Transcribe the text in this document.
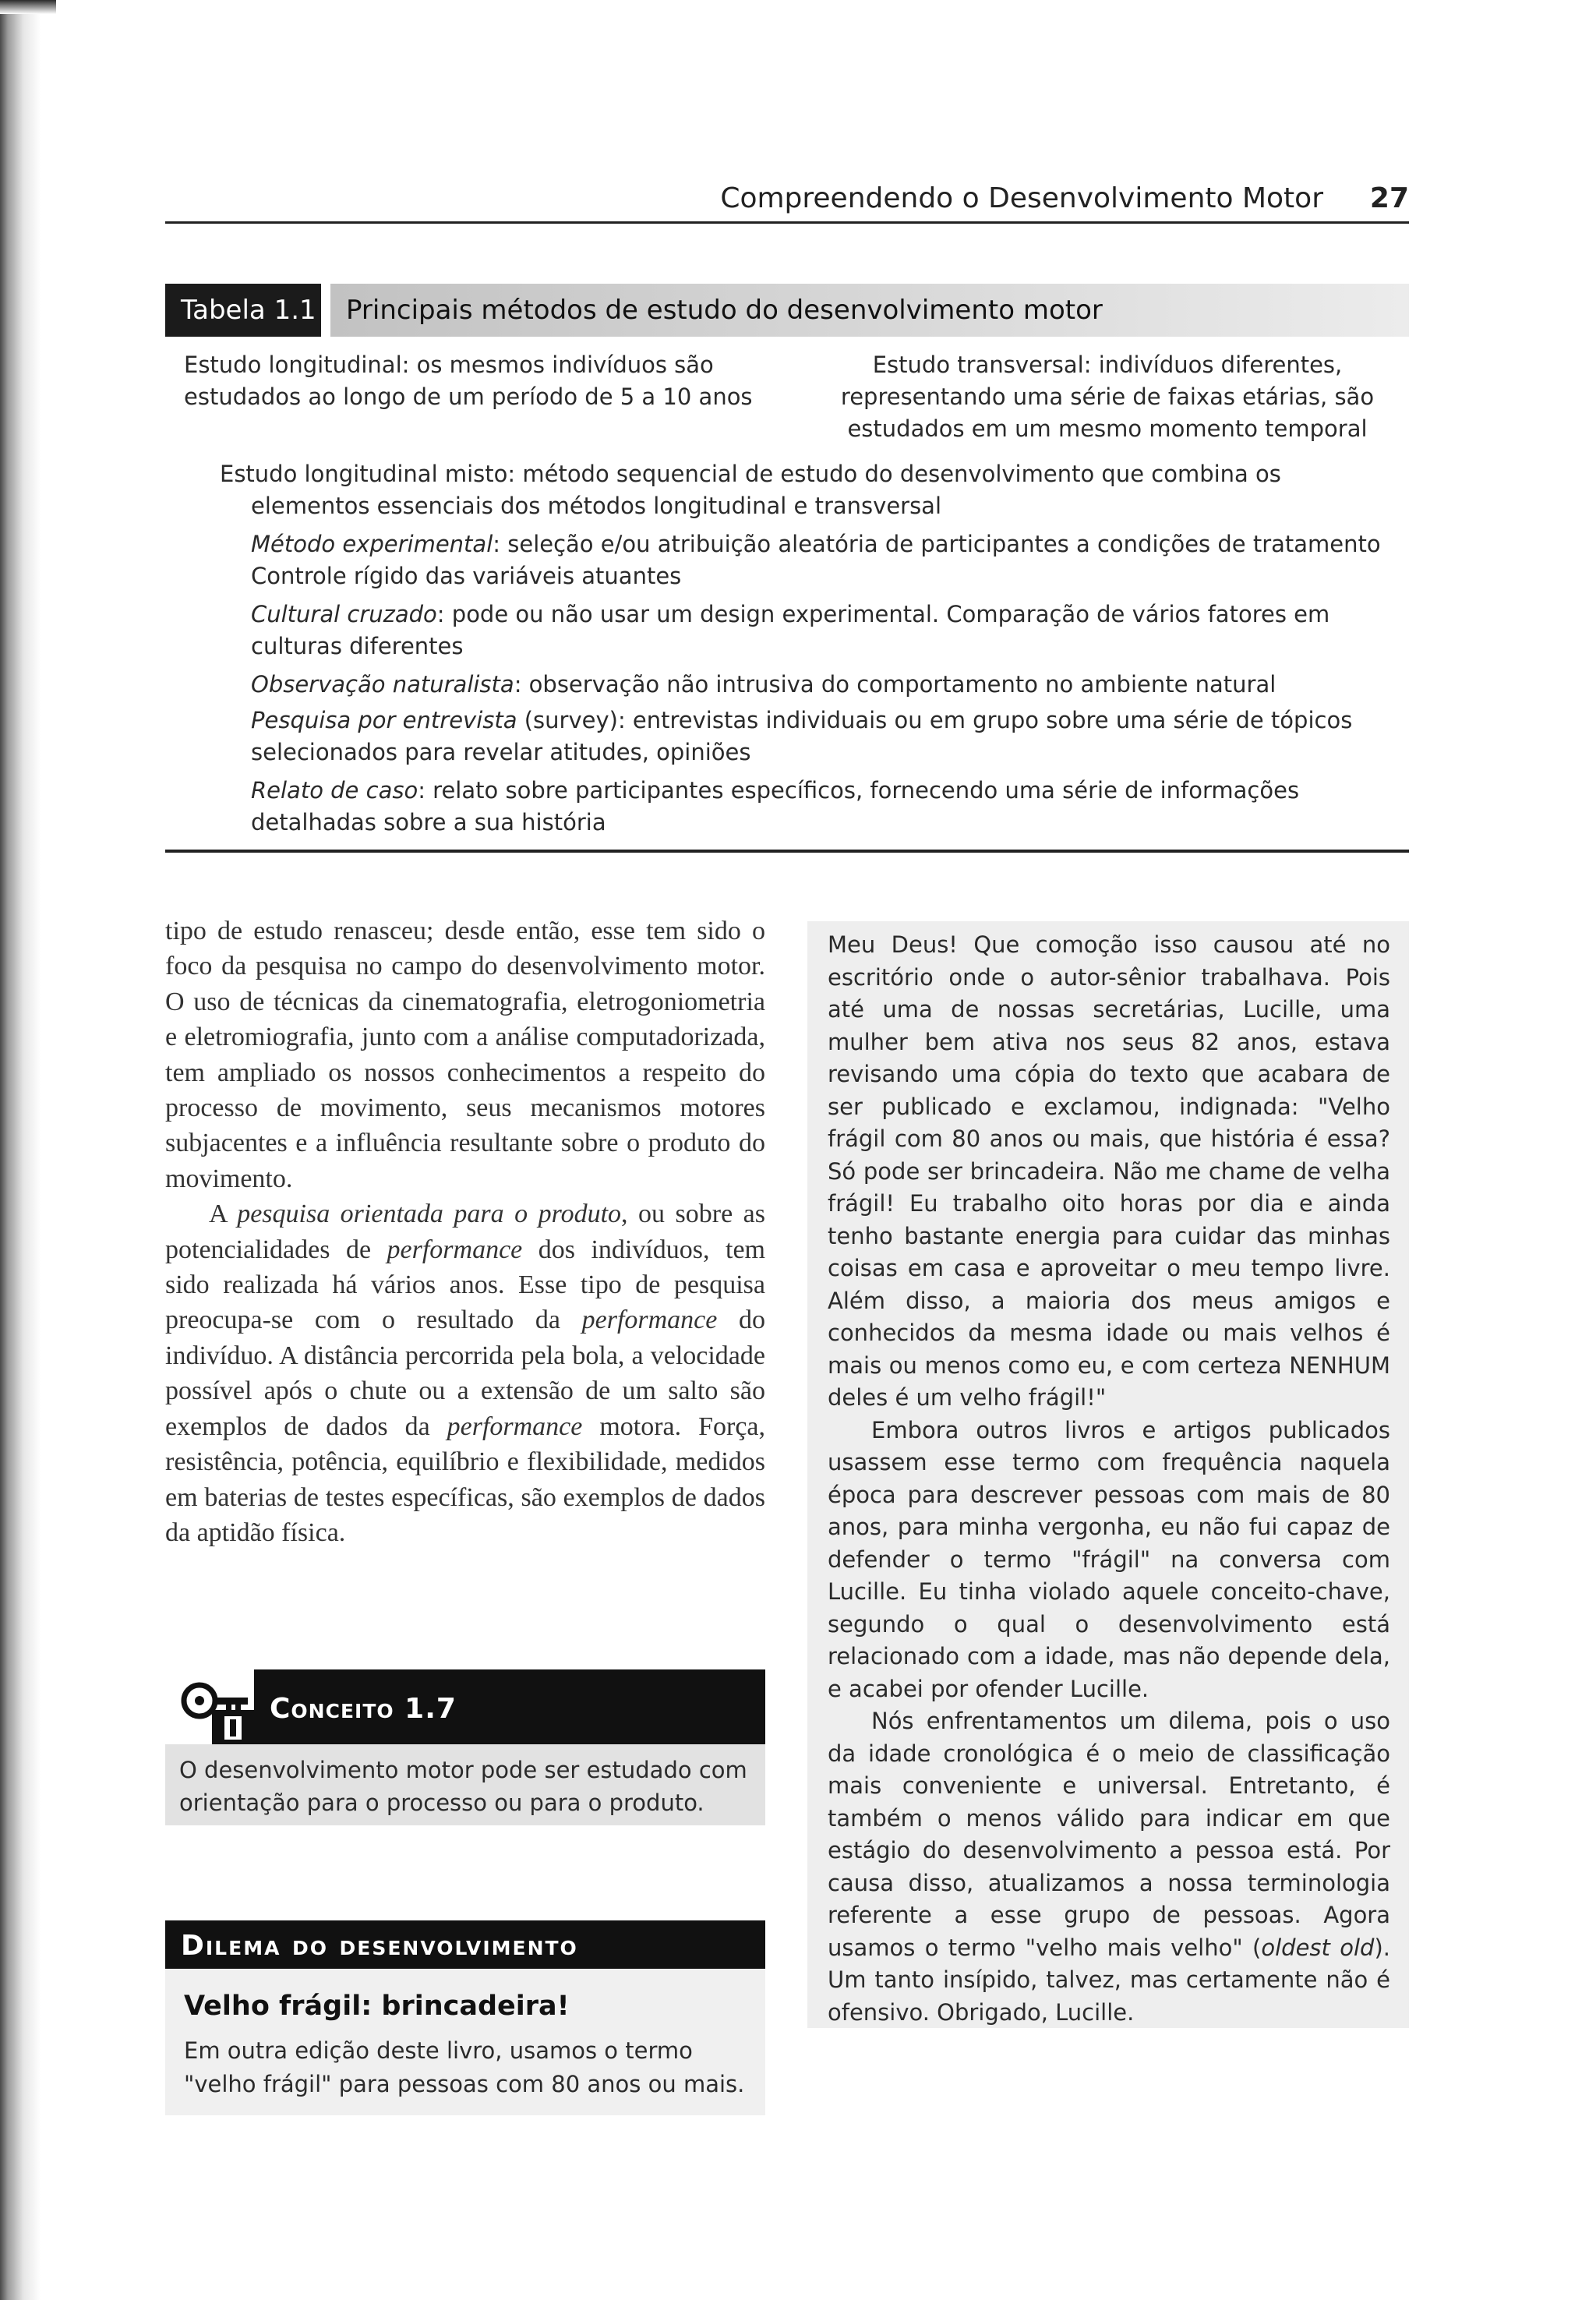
Compreendendo o Desenvolvimento Motor 27
Tabela 1.1 Principais métodos de estudo do desenvolvimento motor
Estudo longitudinal: os mesmos indivíduos são estudados ao longo de um período de 5 a 10 anos
Estudo transversal: indivíduos diferentes, representando uma série de faixas etárias, são estudados em um mesmo momento temporal
Estudo longitudinal misto: método sequencial de estudo do desenvolvimento que combina os elementos essenciais dos métodos longitudinal e transversal
Método experimental: seleção e/ou atribuição aleatória de participantes a condições de tratamento Controle rígido das variáveis atuantes
Cultural cruzado: pode ou não usar um design experimental. Comparação de vários fatores em culturas diferentes
Observação naturalista: observação não intrusiva do comportamento no ambiente natural
Pesquisa por entrevista (survey): entrevistas individuais ou em grupo sobre uma série de tópicos selecionados para revelar atitudes, opiniões
Relato de caso: relato sobre participantes específicos, fornecendo uma série de informações detalhadas sobre a sua história

tipo de estudo renasceu; desde então, esse tem sido o foco da pesquisa no campo do desenvolvimento motor. O uso de técnicas da cinematografia, eletrogoniometria e eletromiografia, junto com a análise computadorizada, tem ampliado os nossos conhecimentos a respeito do processo de movimento, seus mecanismos motores subjacentes e a influência resultante sobre o produto do movimento.

A pesquisa orientada para o produto, ou sobre as potencialidades de performance dos indivíduos, tem sido realizada há vários anos. Esse tipo de pesquisa preocupa-se com o resultado da performance do indivíduo. A distância percorrida pela bola, a velocidade possível após o chute ou a extensão de um salto são exemplos de dados da performance motora. Força, resistência, potência, equilíbrio e flexibilidade, medidos em baterias de testes específicas, são exemplos de dados da aptidão física.

Conceito 1.7
O desenvolvimento motor pode ser estudado com orientação para o processo ou para o produto.
Dilema do desenvolvimento
Velho frágil: brincadeira!
Em outra edição deste livro, usamos o termo "velho frágil" para pessoas com 80 anos ou mais.

Meu Deus! Que comoção isso causou até no escritório onde o autor-sênior trabalhava. Pois até uma de nossas secretárias, Lucille, uma mulher bem ativa nos seus 82 anos, estava revisando uma cópia do texto que acabara de ser publicado e exclamou, indignada: "Velho frágil com 80 anos ou mais, que história é essa? Só pode ser brincadeira. Não me chame de velha frágil! Eu trabalho oito horas por dia e ainda tenho bastante energia para cuidar das minhas coisas em casa e aproveitar o meu tempo livre. Além disso, a maioria dos meus amigos e conhecidos da mesma idade ou mais velhos é mais ou menos como eu, e com certeza NENHUM deles é um velho frágil!"

Embora outros livros e artigos publicados usassem esse termo com frequência naquela época para descrever pessoas com mais de 80 anos, para minha vergonha, eu não fui capaz de defender o termo "frágil" na conversa com Lucille. Eu tinha violado aquele conceito-chave, segundo o qual o desenvolvimento está relacionado com a idade, mas não depende dela, e acabei por ofender Lucille.

Nós enfrentamentos um dilema, pois o uso da idade cronológica é o meio de classificação mais conveniente e universal. Entretanto, é também o menos válido para indicar em que estágio do desenvolvimento a pessoa está. Por causa disso, atualizamos a nossa terminologia referente a esse grupo de pessoas. Agora usamos o termo "velho mais velho" (oldest old). Um tanto insípido, talvez, mas certamente não é ofensivo. Obrigado, Lucille.
